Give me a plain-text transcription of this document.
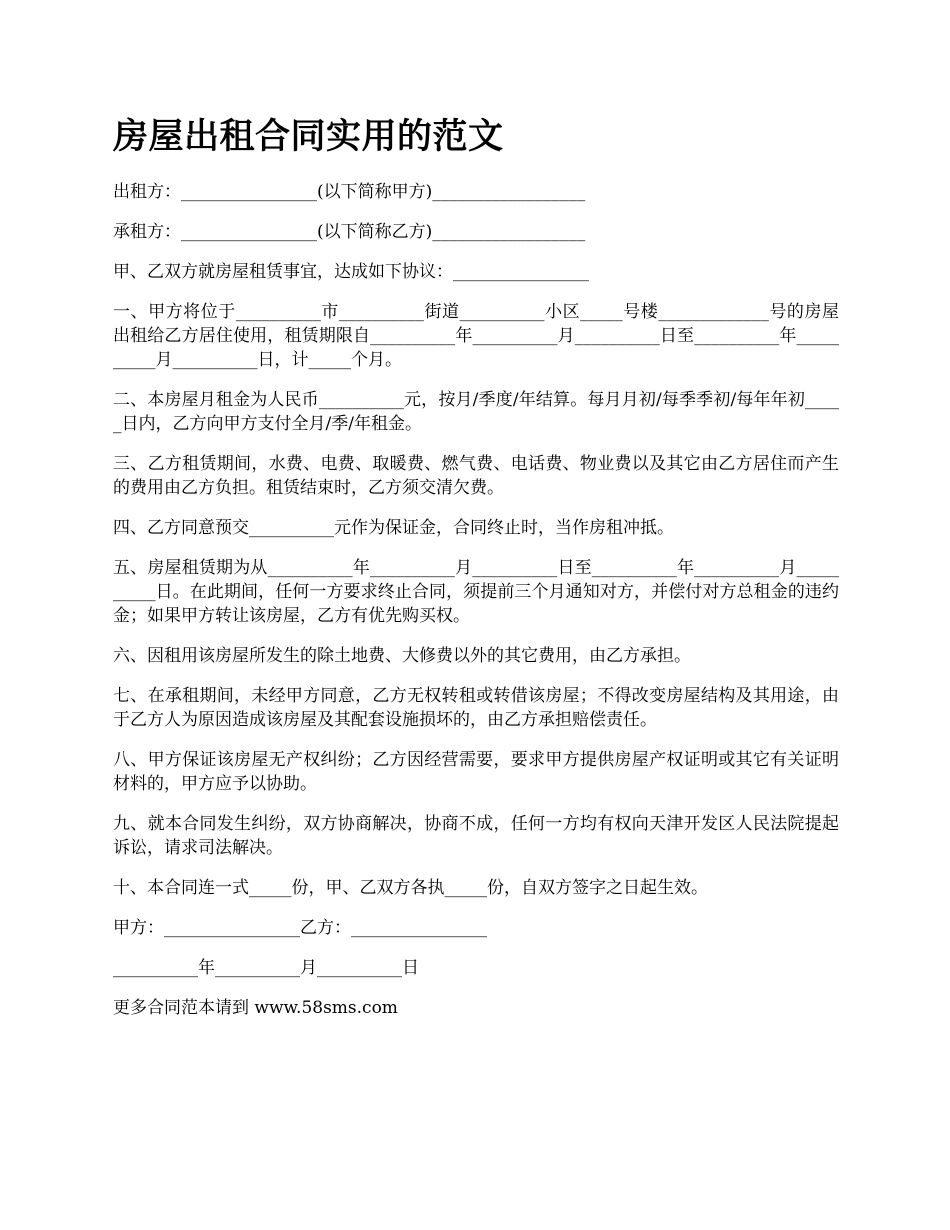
房屋出租合同实用的范文

出租方：________________(以下简称甲方)__________________

承租方：________________(以下简称乙方)__________________

甲、乙双方就房屋租赁事宜，达成如下协议：________________

一、甲方将位于__________市__________街道__________小区_____号楼_____________号的房屋出租给乙方居住使用，租赁期限自__________年__________月__________日至__________年__________月__________日，计_____个月。

二、本房屋月租金为人民币__________元，按月/季度/年结算。每月月初/每季季初/每年年初_____日内，乙方向甲方支付全月/季/年租金。

三、乙方租赁期间，水费、电费、取暖费、燃气费、电话费、物业费以及其它由乙方居住而产生的费用由乙方负担。租赁结束时，乙方须交清欠费。

四、乙方同意预交__________元作为保证金，合同终止时，当作房租冲抵。

五、房屋租赁期为从__________年__________月__________日至__________年__________月__________日。在此期间，任何一方要求终止合同，须提前三个月通知对方，并偿付对方总租金的违约金；如果甲方转让该房屋，乙方有优先购买权。

六、因租用该房屋所发生的除土地费、大修费以外的其它费用，由乙方承担。

七、在承租期间，未经甲方同意，乙方无权转租或转借该房屋；不得改变房屋结构及其用途，由于乙方人为原因造成该房屋及其配套设施损坏的，由乙方承担赔偿责任。

八、甲方保证该房屋无产权纠纷；乙方因经营需要，要求甲方提供房屋产权证明或其它有关证明材料的，甲方应予以协助。

九、就本合同发生纠纷，双方协商解决，协商不成，任何一方均有权向天津开发区人民法院提起诉讼，请求司法解决。

十、本合同连一式_____份，甲、乙双方各执_____份，自双方签字之日起生效。

甲方：________________乙方：________________

__________年__________月__________日

更多合同范本请到 www.58sms.com
